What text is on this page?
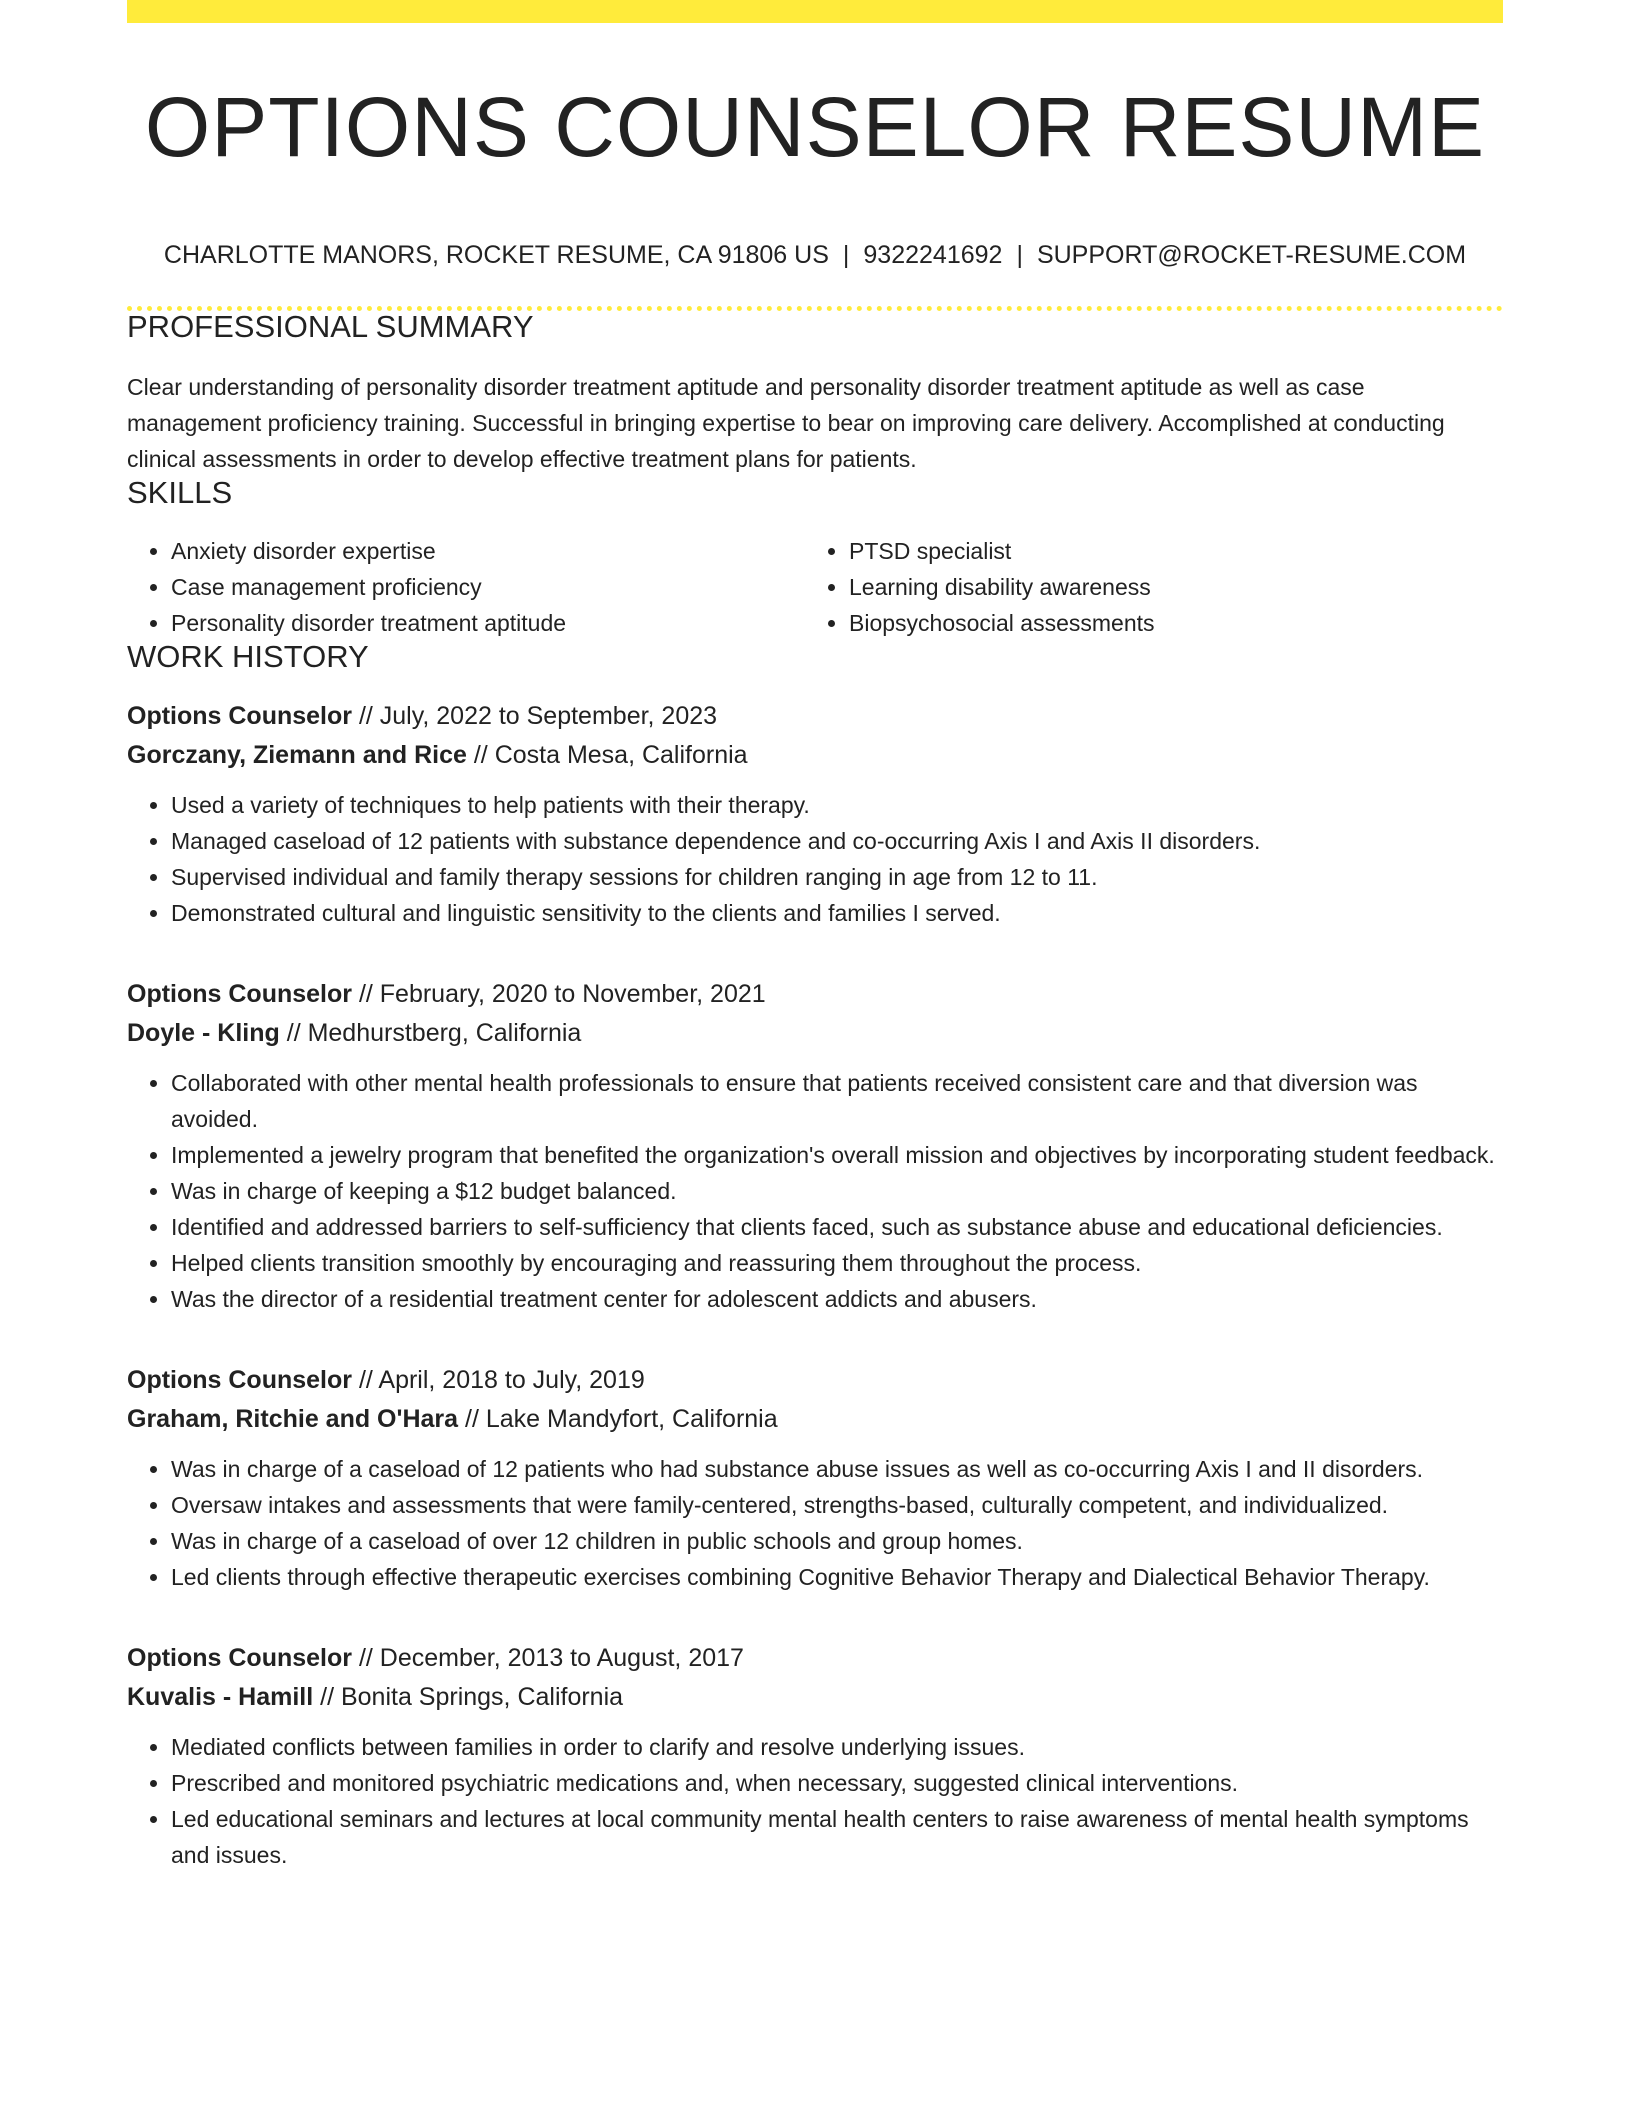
OPTIONS COUNSELOR RESUME
CHARLOTTE MANORS, ROCKET RESUME, CA 91806 US | 9322241692 | SUPPORT@ROCKET-RESUME.COM
PROFESSIONAL SUMMARY

Clear understanding of personality disorder treatment aptitude and personality disorder treatment aptitude as well as case management proficiency training. Successful in bringing expertise to bear on improving care delivery. Accomplished at conducting clinical assessments in order to develop effective treatment plans for patients.

SKILLS
• Anxiety disorder expertise
• Case management proficiency
• Personality disorder treatment aptitude
• PTSD specialist
• Learning disability awareness
• Biopsychosocial assessments
WORK HISTORY
Options Counselor // July, 2022 to September, 2023
Gorczany, Ziemann and Rice // Costa Mesa, California
• Used a variety of techniques to help patients with their therapy.
• Managed caseload of 12 patients with substance dependence and co-occurring Axis I and Axis II disorders.
• Supervised individual and family therapy sessions for children ranging in age from 12 to 11.
• Demonstrated cultural and linguistic sensitivity to the clients and families I served.
Options Counselor // February, 2020 to November, 2021
Doyle - Kling // Medhurstberg, California
• Collaborated with other mental health professionals to ensure that patients received consistent care and that diversion was avoided.
• Implemented a jewelry program that benefited the organization's overall mission and objectives by incorporating student feedback.
• Was in charge of keeping a $12 budget balanced.
• Identified and addressed barriers to self-sufficiency that clients faced, such as substance abuse and educational deficiencies.
• Helped clients transition smoothly by encouraging and reassuring them throughout the process.
• Was the director of a residential treatment center for adolescent addicts and abusers.
Options Counselor // April, 2018 to July, 2019
Graham, Ritchie and O'Hara // Lake Mandyfort, California
• Was in charge of a caseload of 12 patients who had substance abuse issues as well as co-occurring Axis I and II disorders.
• Oversaw intakes and assessments that were family-centered, strengths-based, culturally competent, and individualized.
• Was in charge of a caseload of over 12 children in public schools and group homes.
• Led clients through effective therapeutic exercises combining Cognitive Behavior Therapy and Dialectical Behavior Therapy.
Options Counselor // December, 2013 to August, 2017
Kuvalis - Hamill // Bonita Springs, California
• Mediated conflicts between families in order to clarify and resolve underlying issues.
• Prescribed and monitored psychiatric medications and, when necessary, suggested clinical interventions.
• Led educational seminars and lectures at local community mental health centers to raise awareness of mental health symptoms and issues.
